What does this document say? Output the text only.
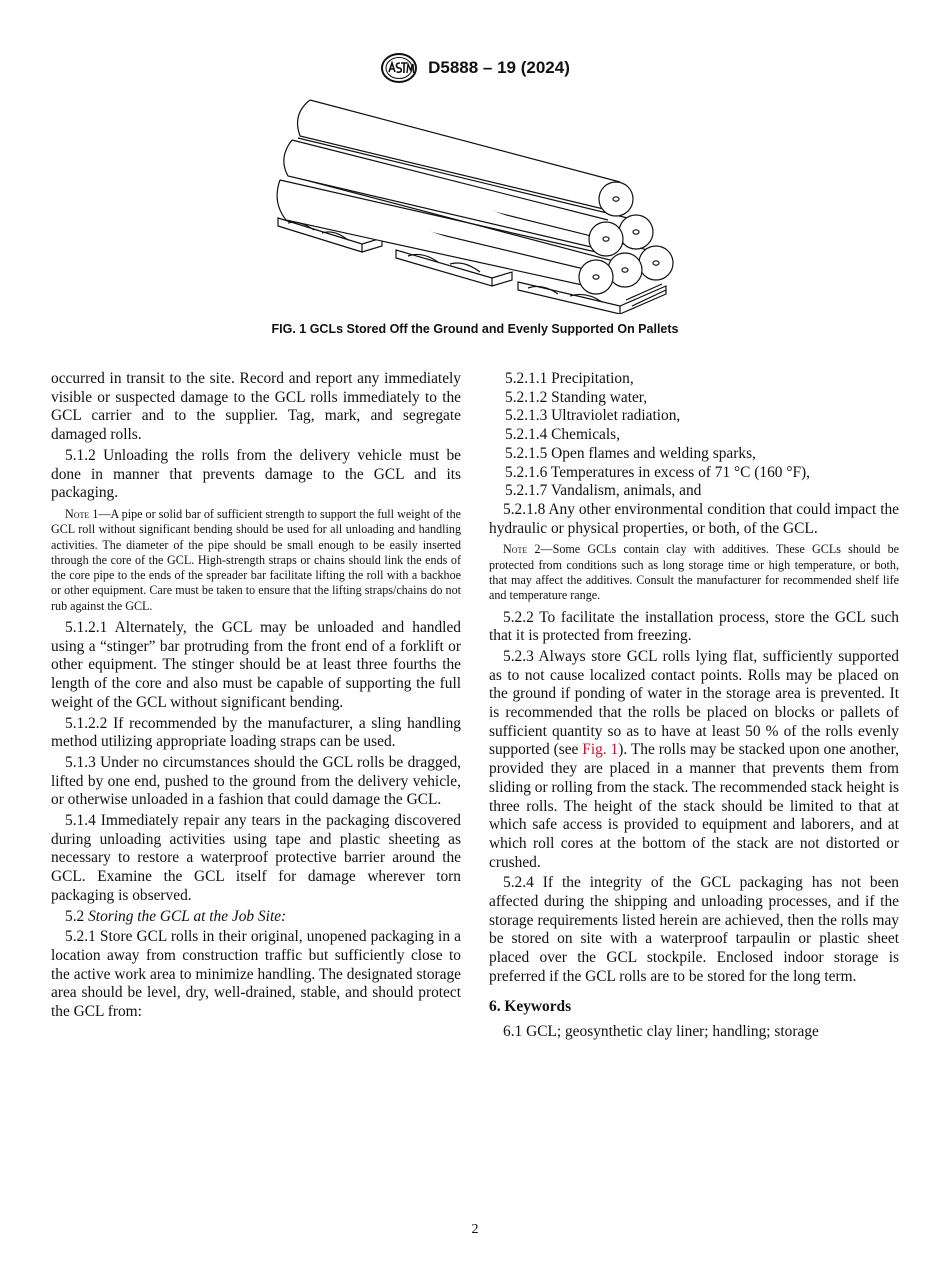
D5888 – 19 (2024)
FIG. 1 GCLs Stored Off the Ground and Evenly Supported On Pallets

occurred in transit to the site. Record and report any immediately visible or suspected damage to the GCL rolls immediately to the GCL carrier and to the supplier. Tag, mark, and segregate damaged rolls.

5.1.2 Unloading the rolls from the delivery vehicle must be done in manner that prevents damage to the GCL and its packaging.

Note 1—A pipe or solid bar of sufficient strength to support the full weight of the GCL roll without significant bending should be used for all unloading and handling activities. The diameter of the pipe should be small enough to be easily inserted through the core of the GCL. High-strength straps or chains should link the ends of the core pipe to the ends of the spreader bar facilitate lifting the roll with a backhoe or other equipment. Care must be taken to ensure that the lifting straps/chains do not rub against the GCL.

5.1.2.1 Alternately, the GCL may be unloaded and handled using a “stinger” bar protruding from the front end of a forklift or other equipment. The stinger should be at least three fourths the length of the core and also must be capable of supporting the full weight of the GCL without significant bending.

5.1.2.2 If recommended by the manufacturer, a sling handling method utilizing appropriate loading straps can be used.

5.1.3 Under no circumstances should the GCL rolls be dragged, lifted by one end, pushed to the ground from the delivery vehicle, or otherwise unloaded in a fashion that could damage the GCL.

5.1.4 Immediately repair any tears in the packaging discovered during unloading activities using tape and plastic sheeting as necessary to restore a waterproof protective barrier around the GCL. Examine the GCL itself for damage wherever torn packaging is observed.

5.2 Storing the GCL at the Job Site:

5.2.1 Store GCL rolls in their original, unopened packaging in a location away from construction traffic but sufficiently close to the active work area to minimize handling. The designated storage area should be level, dry, well-drained, stable, and should protect the GCL from:

5.2.1.1 Precipitation,

5.2.1.2 Standing water,

5.2.1.3 Ultraviolet radiation,

5.2.1.4 Chemicals,

5.2.1.5 Open flames and welding sparks,

5.2.1.6 Temperatures in excess of 71 °C (160 °F),

5.2.1.7 Vandalism, animals, and

5.2.1.8 Any other environmental condition that could impact the hydraulic or physical properties, or both, of the GCL.

Note 2—Some GCLs contain clay with additives. These GCLs should be protected from conditions such as long storage time or high temperature, or both, that may affect the additives. Consult the manufacturer for recommended shelf life and temperature range.

5.2.2 To facilitate the installation process, store the GCL such that it is protected from freezing.

5.2.3 Always store GCL rolls lying flat, sufficiently supported as to not cause localized contact points. Rolls may be placed on the ground if ponding of water in the storage area is prevented. It is recommended that the rolls be placed on blocks or pallets of sufficient quantity so as to have at least 50 % of the rolls evenly supported (see Fig. 1). The rolls may be stacked upon one another, provided they are placed in a manner that prevents them from sliding or rolling from the stack. The recommended stack height is three rolls. The height of the stack should be limited to that at which safe access is provided to equipment and laborers, and at which roll cores at the bottom of the stack are not distorted or crushed.

5.2.4 If the integrity of the GCL packaging has not been affected during the shipping and unloading processes, and if the storage requirements listed herein are achieved, then the rolls may be stored on site with a waterproof tarpaulin or plastic sheet placed over the GCL stockpile. Enclosed indoor storage is preferred if the GCL rolls are to be stored for the long term.

6. Keywords

6.1 GCL; geosynthetic clay liner; handling; storage

2
